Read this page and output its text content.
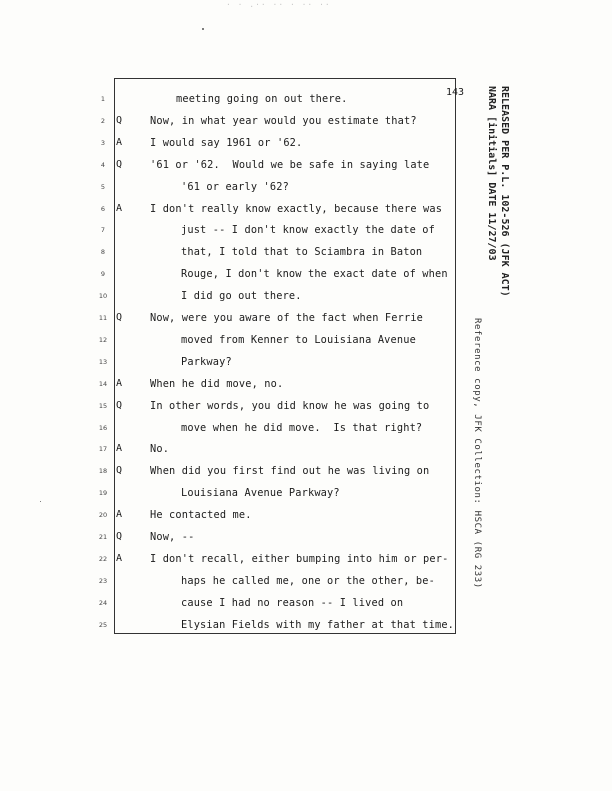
· · .·· ·· · ·· ··
143	RELEASED PER P.L. 102-526 (JFK ACT)
NARA [initials] DATE 11/27/03
Reference copy, JFK Collection: HSCA (RG 233)
1	meeting going on out there.
2	Q	Now, in what year would you estimate that?
3	A	I would say 1961 or '62.
4	Q	'61 or '62.  Would we be safe in saying late
5	'61 or early '62?
6	A	I don't really know exactly, because there was
7	just -- I don't know exactly the date of
8	that, I told that to Sciambra in Baton
9	Rouge, I don't know the exact date of when
10	I did go out there.
11 Q	Now, were you aware of the fact when Ferrie
12	moved from Kenner to Louisiana Avenue
13	Parkway?
14 A	When he did move, no.
15 Q	In other words, you did know he was going to
16	move when he did move.  Is that right?
17 A	No.
18 Q	When did you first find out he was living on
19	Louisiana Avenue Parkway?
20 A	He contacted me.
21 Q	Now, --
22 A	I don't recall, either bumping into him or per-
23	haps he called me, one or the other, be-
24	cause I had no reason -- I lived on
25	Elysian Fields with my father at that time.
